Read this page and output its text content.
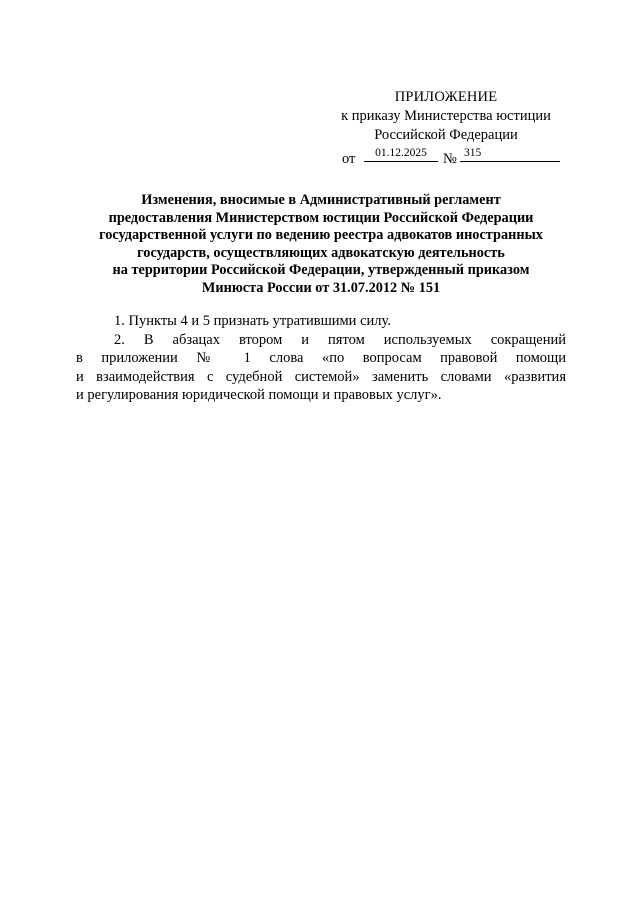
ПРИЛОЖЕНИЕ
к приказу Министерства юстиции
Российской Федерации
от	01.12.2025	№ 315
Изменения, вносимые в Административный регламент
предоставления Министерством юстиции Российской Федерации
государственной услуги по ведению реестра адвокатов иностранных
государств, осуществляющих адвокатскую деятельность
на территории Российской Федерации, утвержденный приказом
Минюста России от 31.07.2012 № 151

1. Пункты 4 и 5 признать утратившими силу.

2. В абзацах втором и пятом используемых сокращений

в приложении № 1 слова «по вопросам правовой помощи

и взаимодействия с судебной системой» заменить словами «развития

и регулирования юридической помощи и правовых услуг».
